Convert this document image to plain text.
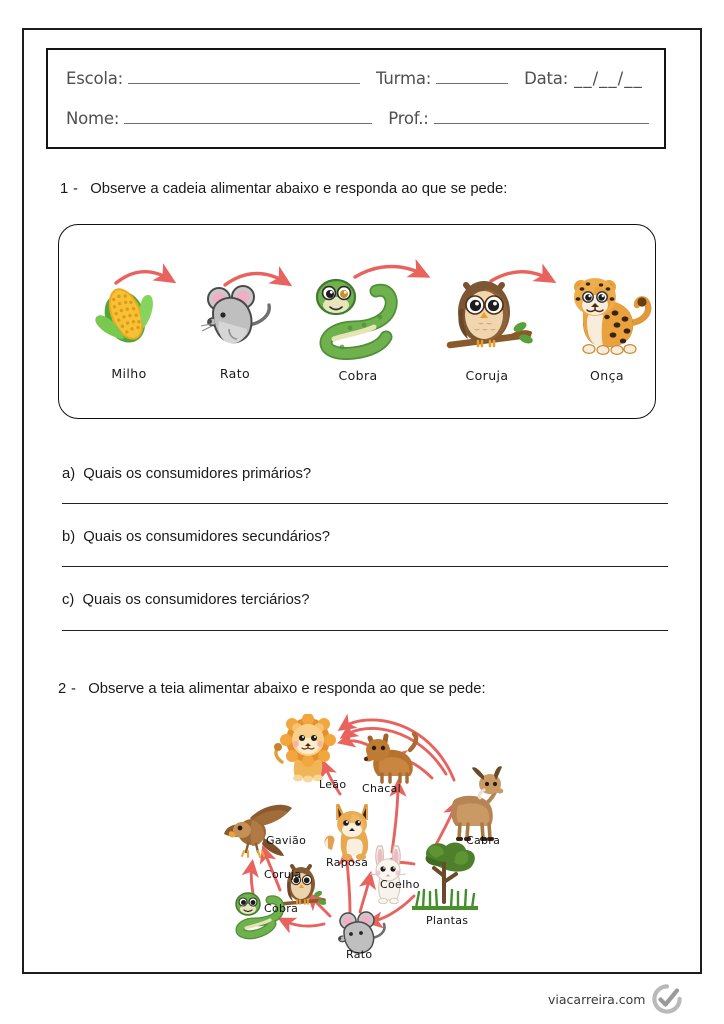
Escola:	Turma:	Data: __/__/__
Nome:	Prof.:
1 - Observe a cadeia alimentar abaixo e responda ao que se pede:
Milho	Rato	Cobra	Coruja	Onça
a) Quais os consumidores primários?
b) Quais os consumidores secundários?
c) Quais os consumidores terciários?
2 - Observe a teia alimentar abaixo e responda ao que se pede:
Leão Chacal
Cabra
Gavião
Raposa
Coruja
Coelho
Cobra
Rato
Plantas
viacarreira.com
